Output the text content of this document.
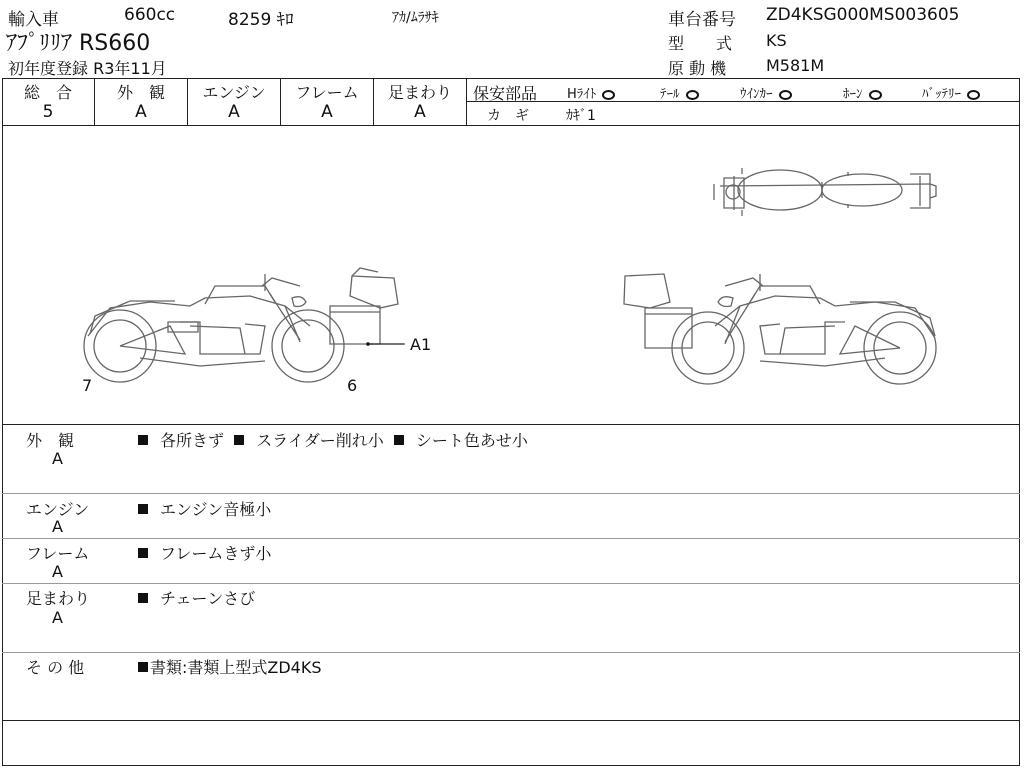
輸入車	660cc	8259 ｷﾛ	ｱｶ/ﾑﾗｻｷ
ｱﾌﾟﾘﾘｱ RS660
初年度登録 R3年11月
車台番号 ZD4KSG000MS003605
型　　式 KS
原 動 機 M581M
総　合
5
外　観
A
エンジン
A
フレーム
A
足まわり
A
保安部品 Hﾗｲﾄ	ﾃｰﾙ	ｳｲﾝｶｰ	ﾎｰﾝ	ﾊﾞｯﾃﾘｰ
カ　ギ	ｶｷﾞ1
A1
7	6
外　観
A
各所きず スライダー削れ小 シート色あせ小
エンジン
A
エンジン音極小
フレーム
A
フレームきず小
足まわり
A
チェーンさび
そ の 他	書類:書類上型式ZD4KS
